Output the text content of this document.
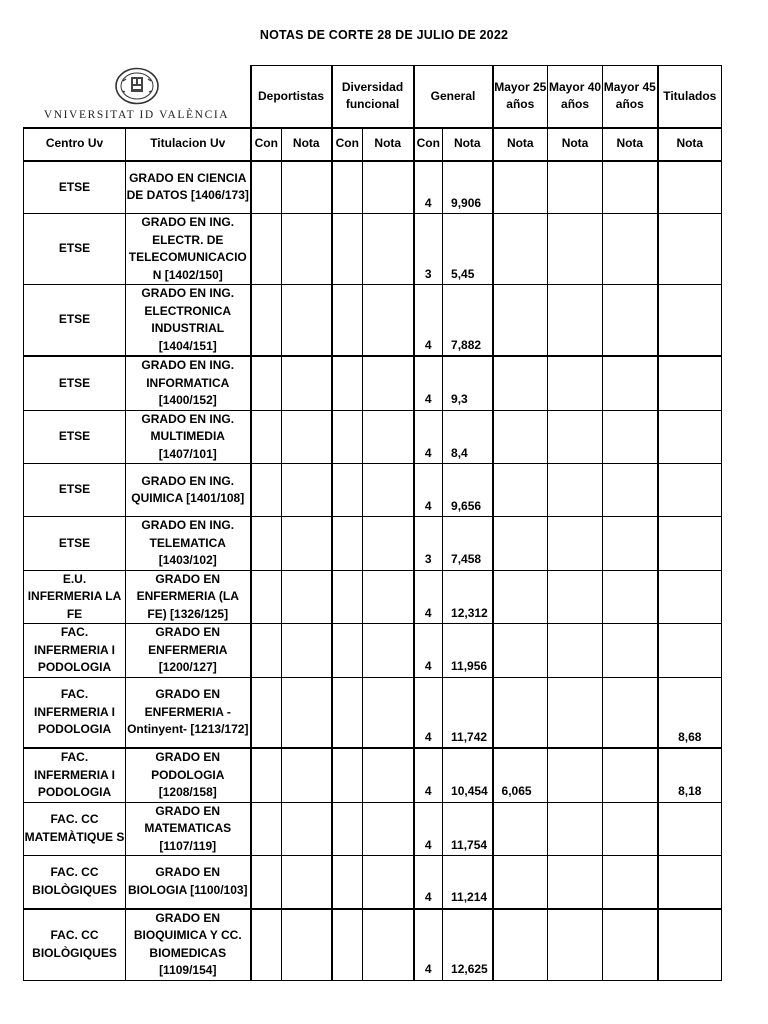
NOTAS DE CORTE 28 DE JULIO DE 2022
VNIVERSITAT ID VALÈNCIA		Deportistas		Diversidad funcional		General		Mayor 25 años	Mayor 40 años	Mayor 45 años	Titulados
Centro Uv	Titulacion Uv	Con	Nota	Con	Nota	Con	Nota	Nota	Nota	Nota	Nota
ETSE	GRADO EN CIENCIA DE DATOS [1406/173]					4	9,906				
ETSE	GRADO EN ING. ELECTR. DE TELECOMUNICACIO N [1402/150]					3	5,45				
ETSE	GRADO EN ING. ELECTRONICA INDUSTRIAL [1404/151]					4	7,882				
ETSE	GRADO EN ING. INFORMATICA [1400/152]					4	9,3				
ETSE	GRADO EN ING. MULTIMEDIA [1407/101]					4	8,4				
ETSE	GRADO EN ING. QUIMICA [1401/108]					4	9,656				
ETSE	GRADO EN ING. TELEMATICA [1403/102]					3	7,458				
E.U. INFERMERIA LA FE	GRADO EN ENFERMERIA (LA FE) [1326/125]					4	12,312				
FAC. INFERMERIA I PODOLOGIA	GRADO EN ENFERMERIA [1200/127]					4	11,956				
FAC. INFERMERIA I PODOLOGIA	GRADO EN ENFERMERIA - Ontinyent- [1213/172]					4	11,742				8,68
FAC. INFERMERIA I PODOLOGIA	GRADO EN PODOLOGIA [1208/158]					4	10,454	6,065			8,18
FAC. CC MATEMÀTIQUE S	GRADO EN MATEMATICAS [1107/119]					4	11,754				
FAC. CC BIOLÒGIQUES	GRADO EN BIOLOGIA [1100/103]					4	11,214				
FAC. CC BIOLÒGIQUES	GRADO EN BIOQUIMICA Y CC. BIOMEDICAS [1109/154]					4	12,625				
